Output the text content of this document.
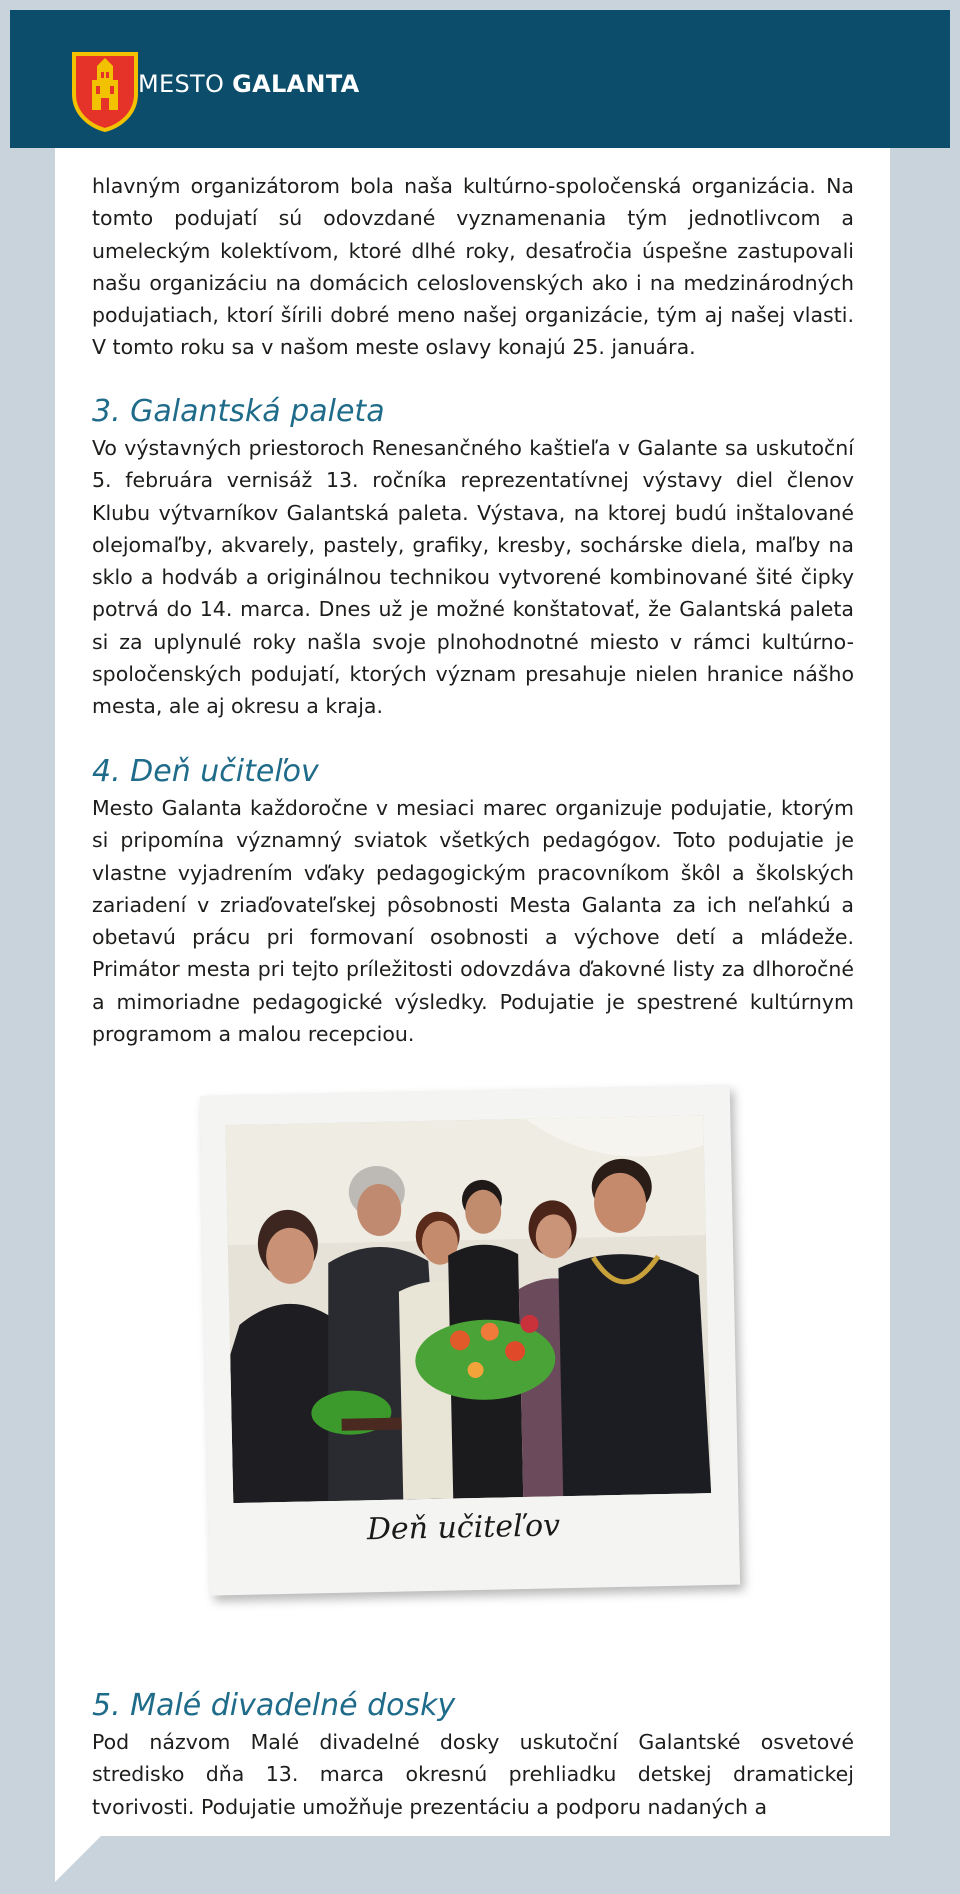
MESTO GALANTA

hlavným organizátorom bola naša kultúrno-spoločenská organizácia. Na tomto podujatí sú odovzdané vyznamenania tým jednotlivcom a umeleckým kolektívom, ktoré dlhé roky, desaťročia úspešne zastupovali našu organizáciu na domácich celoslovenských ako i na medzinárodných podujatiach, ktorí šírili dobré meno našej organizácie, tým aj našej vlasti. V tomto roku sa v našom meste oslavy konajú 25. januára.

3. Galantská paleta

Vo výstavných priestoroch Renesančného kaštieľa v Galante sa uskutoční 5. februára vernisáž 13. ročníka reprezentatívnej výstavy diel členov Klubu výtvarníkov Galantská paleta. Výstava, na ktorej budú inštalované olejomaľby, akvarely, pastely, grafiky, kresby, sochárske diela, maľby na sklo a hodváb a originálnou technikou vytvorené kombinované šité čipky potrvá do 14. marca. Dnes už je možné konštatovať, že Galantská paleta si za uplynulé roky našla svoje plnohodnotné miesto v rámci kultúrno-spoločenských podujatí, ktorých význam presahuje nielen hranice nášho mesta, ale aj okresu a kraja.

4. Deň učiteľov

Mesto Galanta každoročne v mesiaci marec organizuje podujatie, ktorým si pripomína významný sviatok všetkých pedagógov. Toto podujatie je vlastne vyjadrením vďaky pedagogickým pracovníkom škôl a školských zariadení v zriaďovateľskej pôsobnosti Mesta Galanta za ich neľahkú a obetavú prácu pri formovaní osobnosti a výchove detí a mládeže. Primátor mesta pri tejto príležitosti odovzdáva ďakovné listy za dlhoročné a mimoriadne pedagogické výsledky. Podujatie je spestrené kultúrnym programom a malou recepciou.

Deň učiteľov
5. Malé divadelné dosky

Pod názvom Malé divadelné dosky uskutoční Galantské osvetové stredisko dňa 13. marca okresnú prehliadku detskej dramatickej tvorivosti. Podujatie umožňuje prezentáciu a podporu nadaných a
